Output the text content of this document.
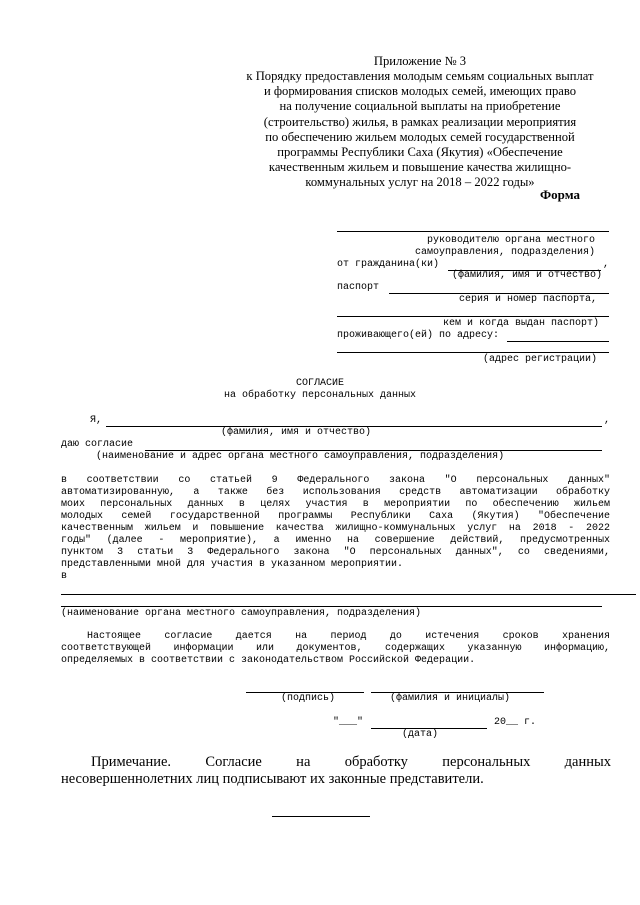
Приложение № 3
к Порядку предоставления молодым семьям социальных выплат
и формирования списков молодых семей, имеющих право
на получение социальной выплаты на приобретение
(строительство) жилья, в рамках реализации мероприятия
по обеспечению жильем молодых семей государственной
программы Республики Саха (Якутия) «Обеспечение
качественным жильем и повышение качества жилищно-
коммунальных услуг на 2018 – 2022 годы»
Форма
руководителю органа местного
самоуправления, подразделения)
от гражданина(ки)	,
(фамилия, имя и отчество)
паспорт
серия и номер паспорта,
кем и когда выдан паспорт)
проживающего(ей) по адресу:
(адрес регистрации)
СОГЛАСИЕ
на обработку персональных данных
Я,	,
(фамилия, имя и отчество)
даю согласие
(наименование и адрес органа местного самоуправления, подразделения)
в соответствии со статьей 9 Федерального закона "О персональных данных"
автоматизированную, а также без использования средств автоматизации обработку
моих персональных данных в целях участия в мероприятии по обеспечению жильем
молодых семей государственной программы Республики Саха (Якутия) "Обеспечение
качественным жильем и повышение качества жилищно-коммунальных услуг на 2018 - 2022
годы" (далее - мероприятие), а именно на совершение действий, предусмотренных
пунктом 3 статьи 3 Федерального закона "О персональных данных", со сведениями,
представленными мной для участия в указанном мероприятии.
в
(наименование органа местного самоуправления, подразделения)
Настоящее согласие дается на период до истечения сроков хранения
соответствующей информации или документов, содержащих указанную информацию,
определяемых в соответствии с законодательством Российской Федерации.
(подпись)	(фамилия и инициалы)
"___"	20__ г.
(дата)
Примечание. Согласие на обработку персональных данных
несовершеннолетних лиц подписывают их законные представители.
